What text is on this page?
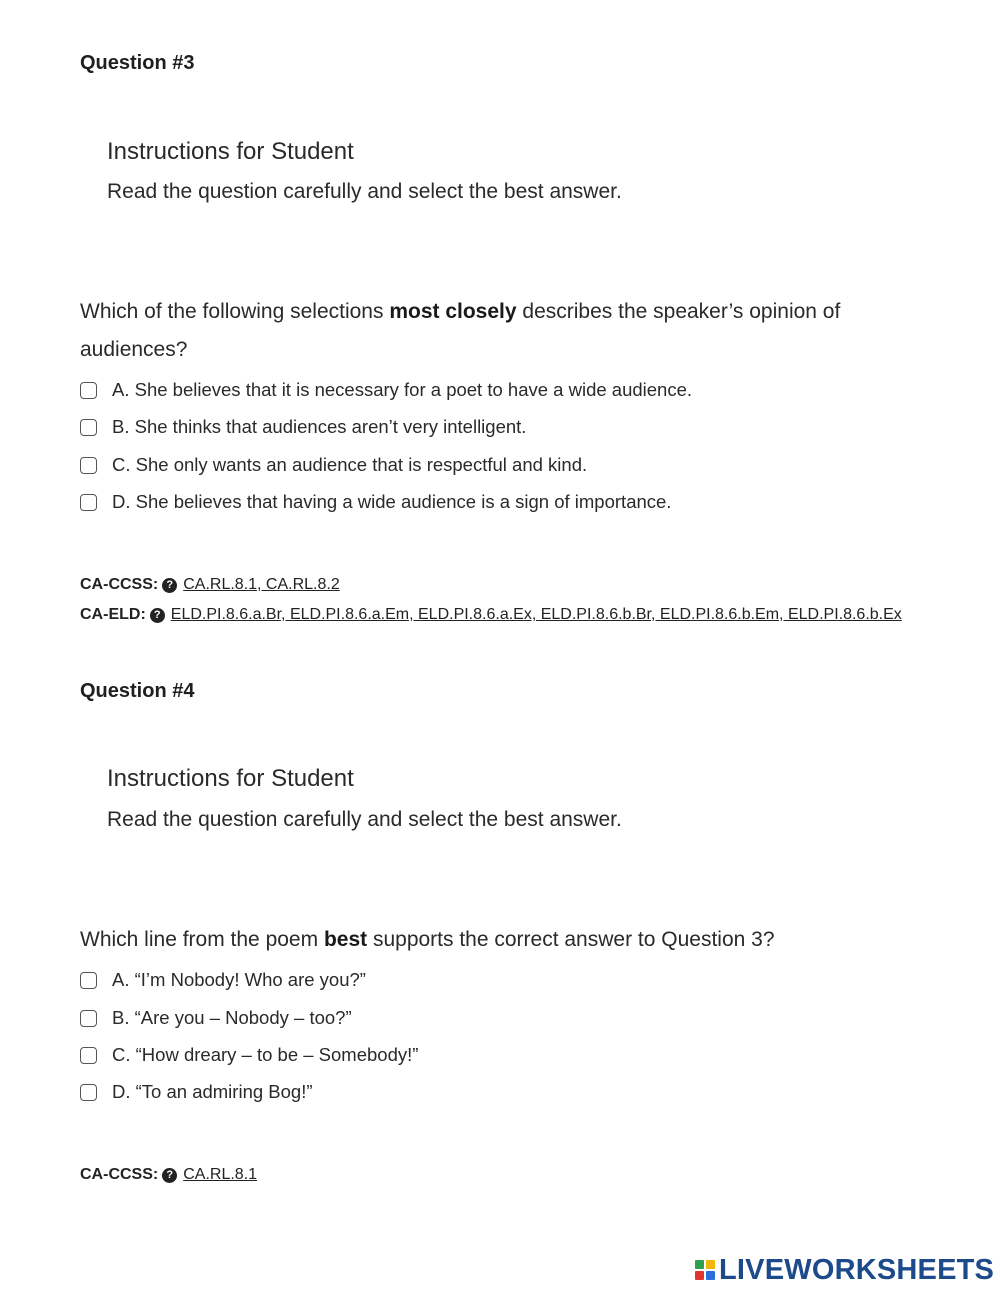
Question #3
Instructions for Student
Read the question carefully and select the best answer.
Which of the following selections most closely describes the speaker’s opinion of audiences?
A. She believes that it is necessary for a poet to have a wide audience.
B. She thinks that audiences aren’t very intelligent.
C. She only wants an audience that is respectful and kind.
D. She believes that having a wide audience is a sign of importance.
CA-CCSS: ? CA.RL.8.1, CA.RL.8.2
CA-ELD: ? ELD.PI.8.6.a.Br, ELD.PI.8.6.a.Em, ELD.PI.8.6.a.Ex, ELD.PI.8.6.b.Br, ELD.PI.8.6.b.Em, ELD.PI.8.6.b.Ex
Question #4
Instructions for Student
Read the question carefully and select the best answer.
Which line from the poem best supports the correct answer to Question 3?
A. “I’m Nobody! Who are you?”
B. “Are you – Nobody – too?”
C. “How dreary – to be – Somebody!”
D. “To an admiring Bog!”
CA-CCSS: ? CA.RL.8.1
LIVEWORKSHEETS
